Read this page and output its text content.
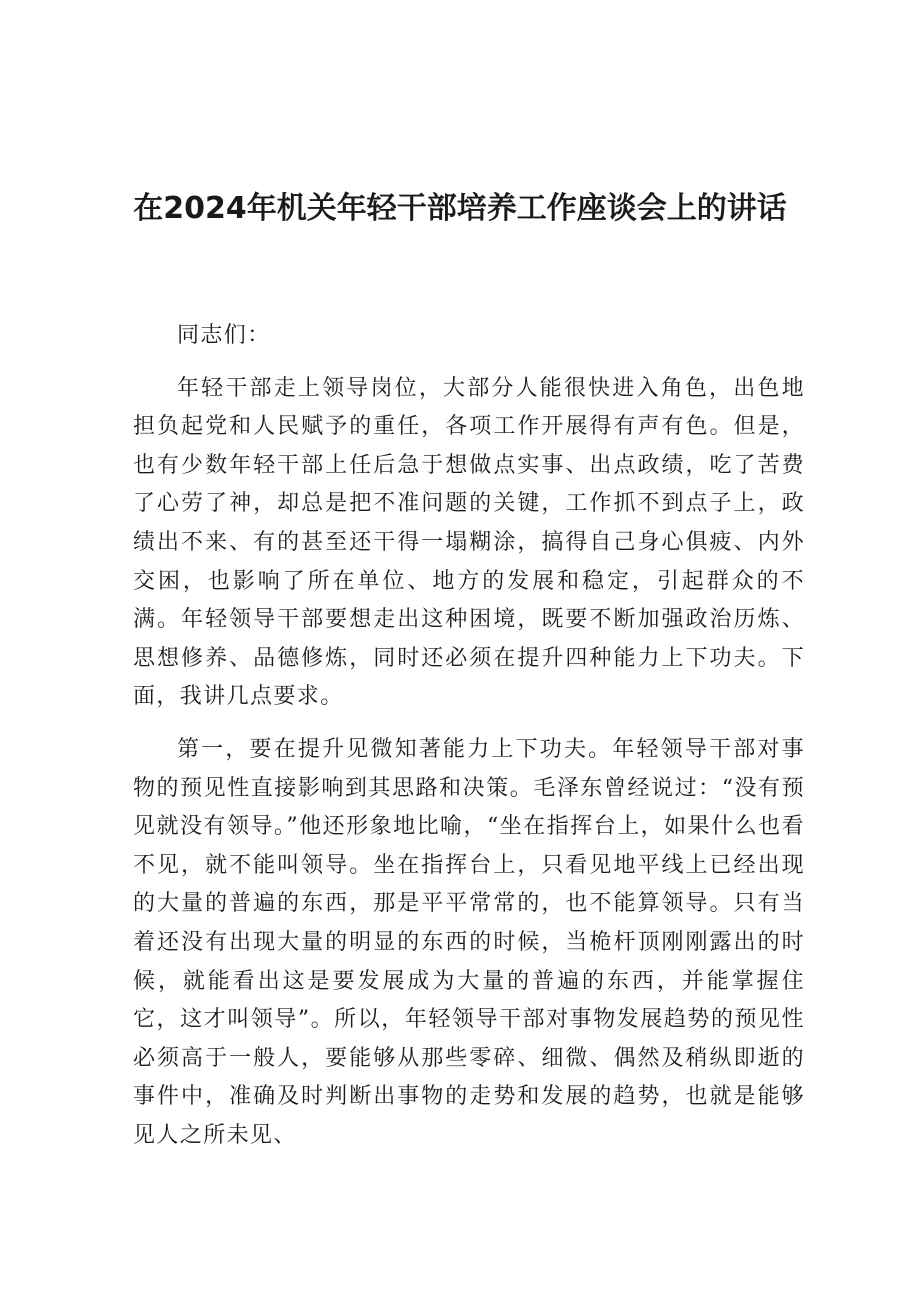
在2024年机关年轻干部培养工作座谈会上的讲话

同志们：

年轻干部走上领导岗位，大部分人能很快进入角色，出色地担负起党和人民赋予的重任，各项工作开展得有声有色。但是，也有少数年轻干部上任后急于想做点实事、出点政绩，吃了苦费了心劳了神，却总是把不准问题的关键，工作抓不到点子上，政绩出不来、有的甚至还干得一塌糊涂，搞得自己身心俱疲、内外交困，也影响了所在单位、地方的发展和稳定，引起群众的不满。年轻领导干部要想走出这种困境，既要不断加强政治历炼、思想修养、品德修炼，同时还必须在提升四种能力上下功夫。下面，我讲几点要求。

第一，要在提升见微知著能力上下功夫。年轻领导干部对事物的预见性直接影响到其思路和决策。毛泽东曾经说过：“没有预见就没有领导。”他还形象地比喻，“坐在指挥台上，如果什么也看不见，就不能叫领导。坐在指挥台上，只看见地平线上已经出现的大量的普遍的东西，那是平平常常的，也不能算领导。只有当着还没有出现大量的明显的东西的时候，当桅杆顶刚刚露出的时候，就能看出这是要发展成为大量的普遍的东西，并能掌握住它，这才叫领导”。所以，年轻领导干部对事物发展趋势的预见性必须高于一般人，要能够从那些零碎、细微、偶然及稍纵即逝的事件中，准确及时判断出事物的走势和发展的趋势，也就是能够见人之所未见、
